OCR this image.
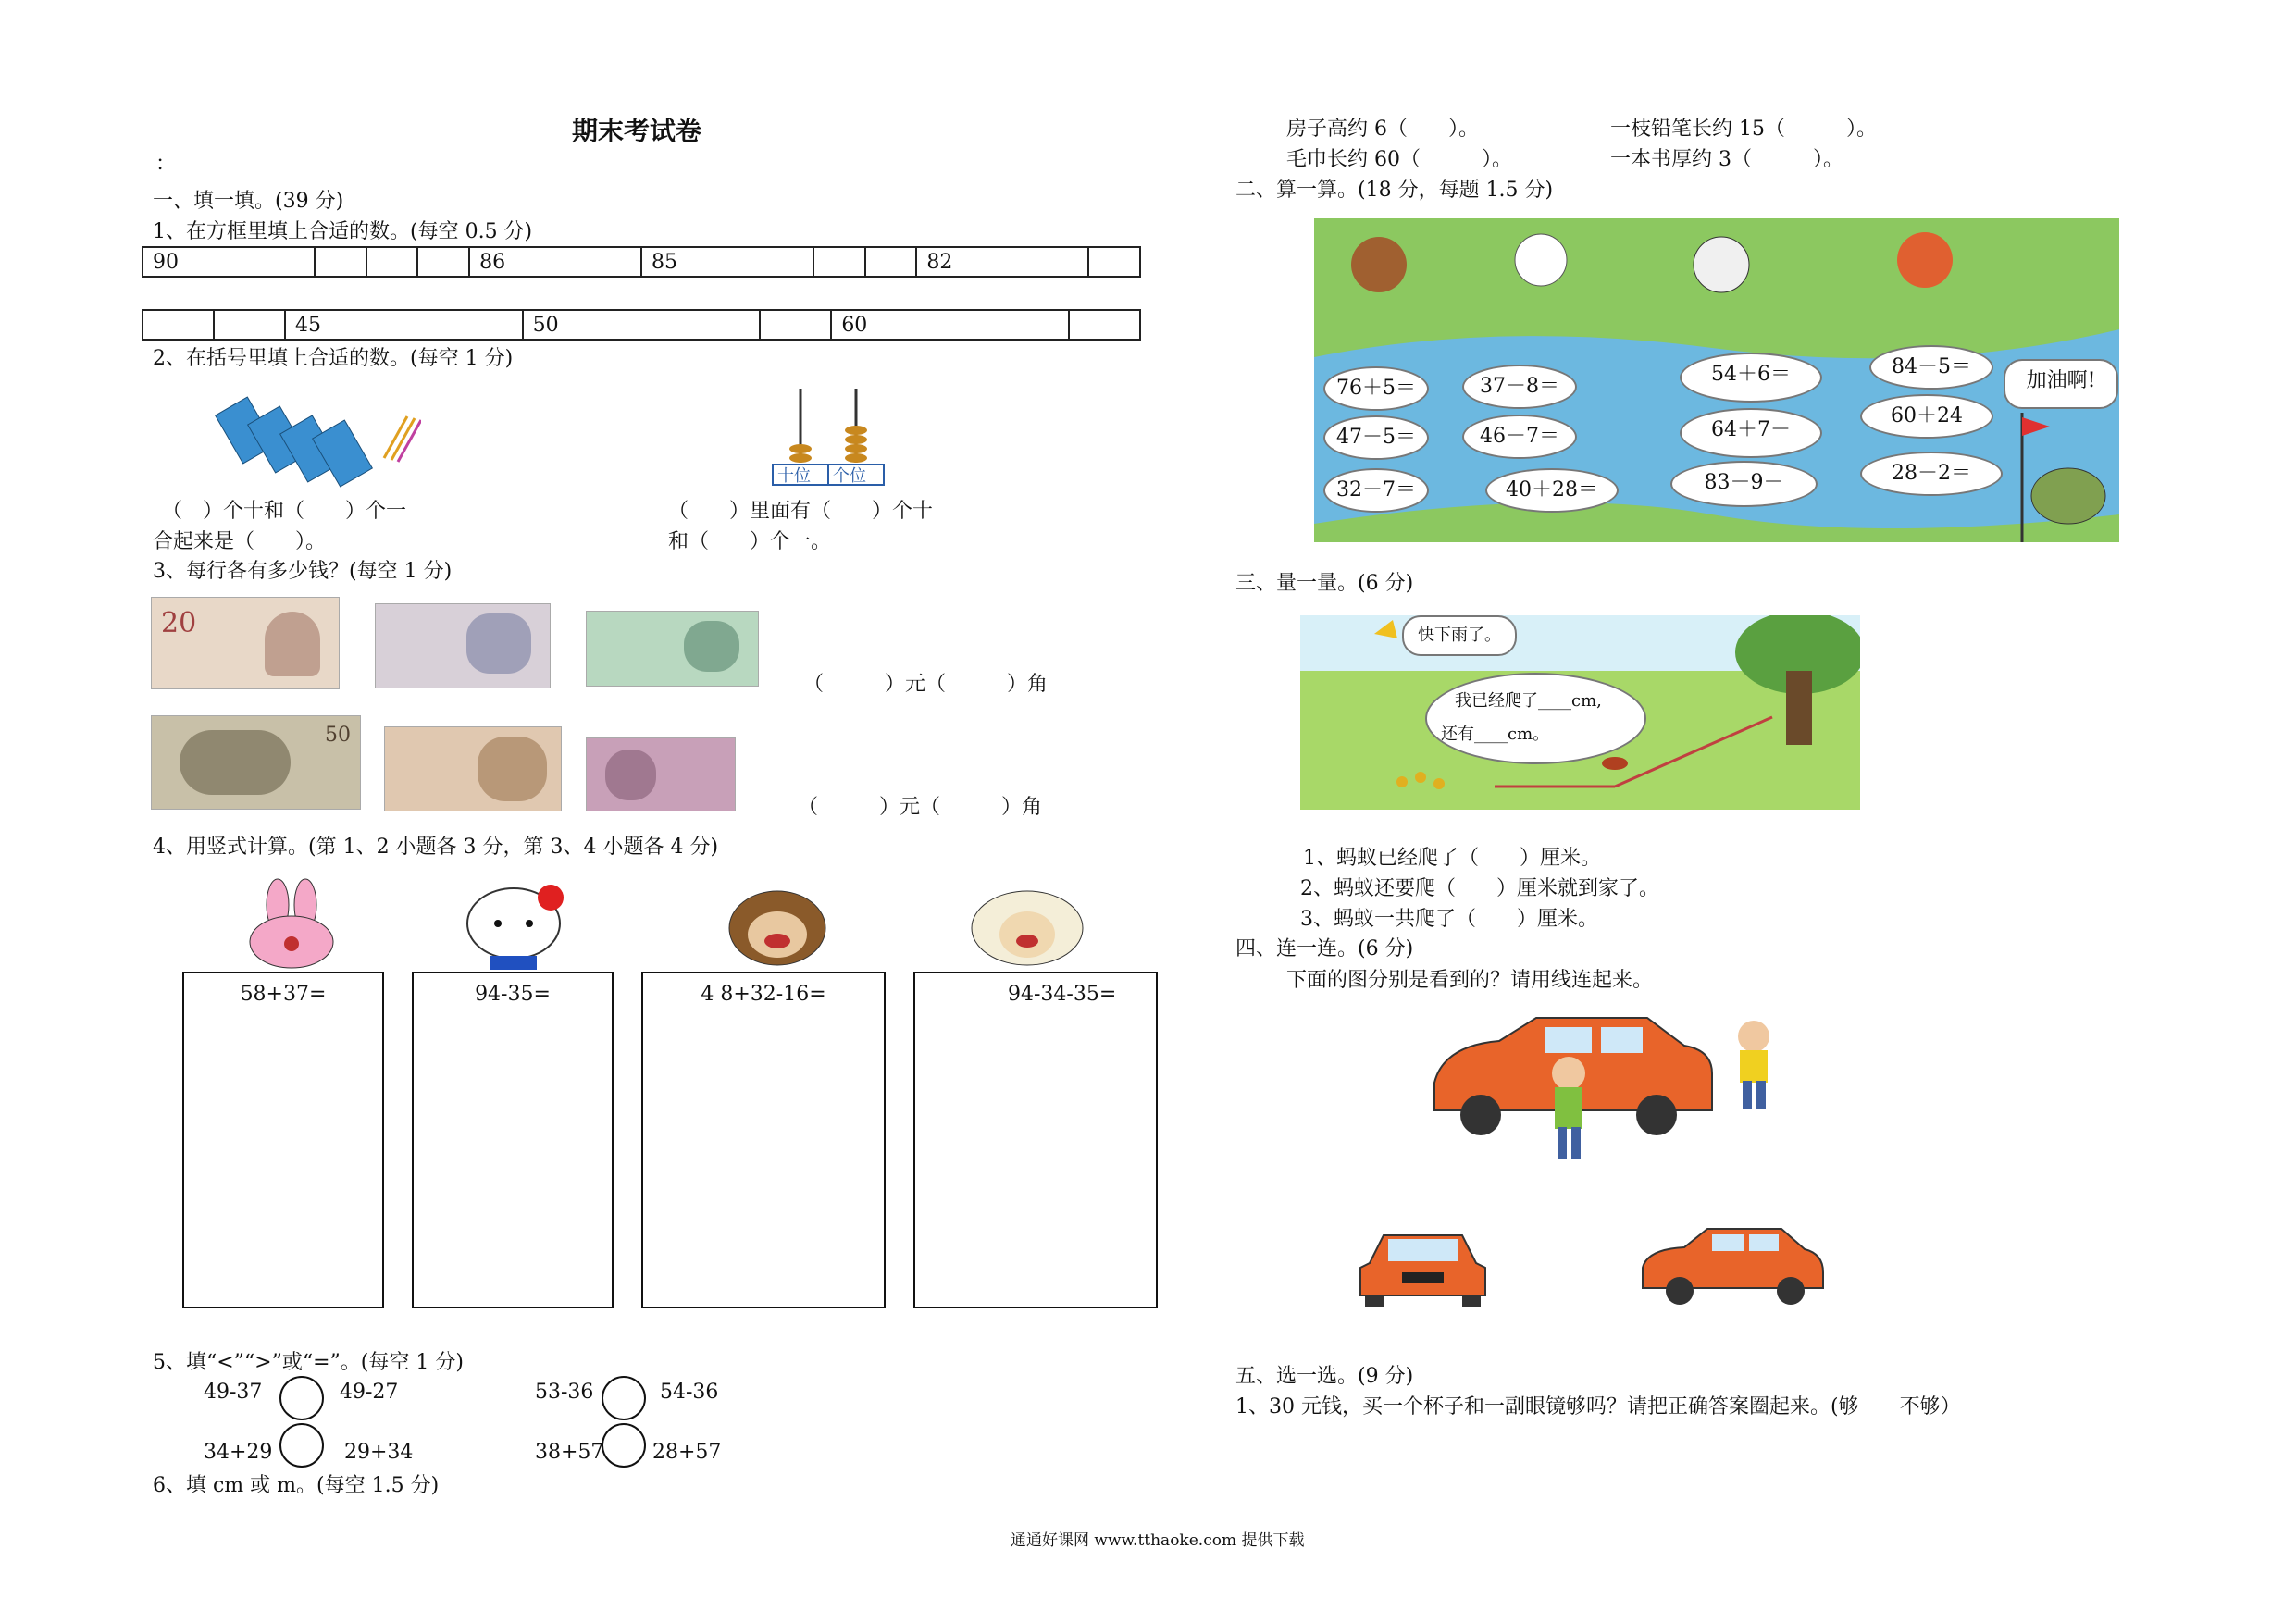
期末考试卷
：
一、填一填。(39 分)
1、在方框里填上合适的数。(每空 0.5 分)
90				86	85			82	
		45	50		60	
2、在括号里填上合适的数。(每空 1 分)
十位 个位
（　）个十和（　　）个一
合起来是（　　）。
（　　）里面有（　　）个十
和（　　）个一。
3、每行各有多少钱？(每空 1 分)
20
（　　　）元（　　　）角
50
（　　　）元（　　　）角
4、用竖式计算。(第 1、2 小题各 3 分，第 3、4 小题各 4 分)
58+37=	94-35=	4 8+32-16=	94-34-35=
5、填“<”“>”或“=”。(每空 1 分)
49-37	49-27	53-36	54-36
34+29	29+34	38+57 28+57
6、填 cm 或 m。(每空 1.5 分)
房子高约 6（　　）。	一枝铅笔长约 15（　　　）。
毛巾长约 60（　　　）。	一本书厚约 3（　　　）。
二、算一算。(18 分，每题 1.5 分)
76＋5＝
47－5＝
32－7＝
37－8＝
46－7＝
40＋28＝
54＋6＝
64＋7－
83－9－
84－5＝
60＋24
28－2＝
加油啊!
三、量一量。(6 分)
快下雨了。
我已经爬了____cm,
还有____cm。
1、蚂蚁已经爬了（　　）厘米。
2、蚂蚁还要爬（　　）厘米就到家了。
3、蚂蚁一共爬了（　　）厘米。
四、连一连。(6 分)
下面的图分别是看到的？请用线连起来。
五、选一选。(9 分)
1、30 元钱，买一个杯子和一副眼镜够吗？请把正确答案圈起来。(够　　不够）
通通好课网 www.tthaoke.com 提供下载
